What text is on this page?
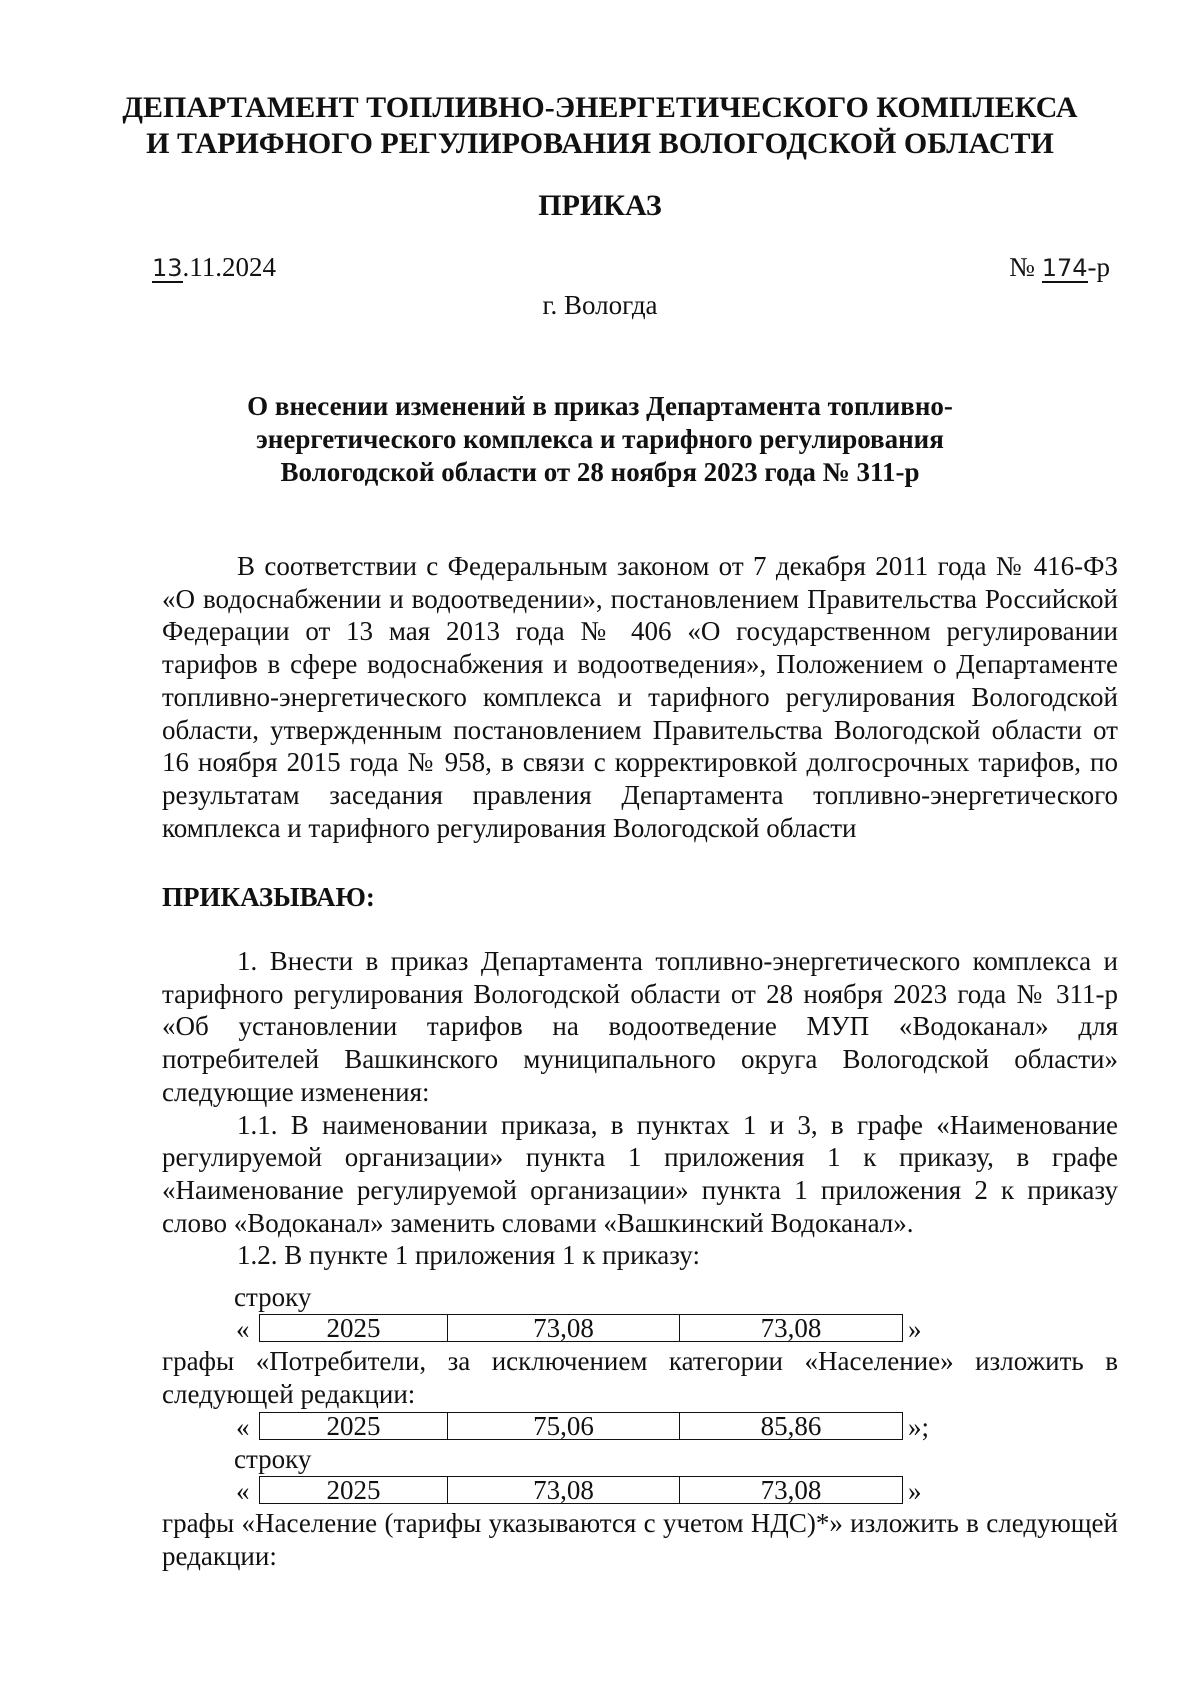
ДЕПАРТАМЕНТ ТОПЛИВНО-ЭНЕРГЕТИЧЕСКОГО КОМПЛЕКСА
И ТАРИФНОГО РЕГУЛИРОВАНИЯ ВОЛОГОДСКОЙ ОБЛАСТИ
ПРИКАЗ
13.11.2024	№ 174-р
г. Вологда
О внесении изменений в приказ Департамента топливно-
энергетического комплекса и тарифного регулирования
Вологодской области от 28 ноября 2023 года № 311-р
В соответствии с Федеральным законом от 7 декабря 2011 года № 416-ФЗ «О водоснабжении и водоотведении», постановлением Правительства Российской Федерации от 13 мая 2013 года № 406 «О государственном регулировании тарифов в сфере водоснабжения и водоотведения», Положением о Департаменте топливно-энергетического комплекса и тарифного регулирования Вологодской области, утвержденным постановлением Правительства Вологодской области от 16 ноября 2015 года № 958, в связи с корректировкой долгосрочных тарифов, по результатам заседания правления Департамента топливно-энергетического комплекса и тарифного регулирования Вологодской области
ПРИКАЗЫВАЮ:
1. Внести в приказ Департамента топливно-энергетического комплекса и тарифного регулирования Вологодской области от 28 ноября 2023 года № 311-р «Об установлении тарифов на водоотведение МУП «Водоканал» для потребителей Вашкинского муниципального округа Вологодской области» следующие изменения:
1.1. В наименовании приказа, в пунктах 1 и 3, в графе «Наименование регулируемой организации» пункта 1 приложения 1 к приказу, в графе «Наименование регулируемой организации» пункта 1 приложения 2 к приказу слово «Водоканал» заменить словами «Вашкинский Водоканал».
1.2. В пункте 1 приложения 1 к приказу:
строку
«	2025	73,08	73,08	»
графы «Потребители, за исключением категории «Население» изложить в следующей редакции:
«	2025	75,06	85,86	»;
строку
«	2025	73,08	73,08	»
графы «Население (тарифы указываются с учетом НДС)*» изложить в следующей редакции:
